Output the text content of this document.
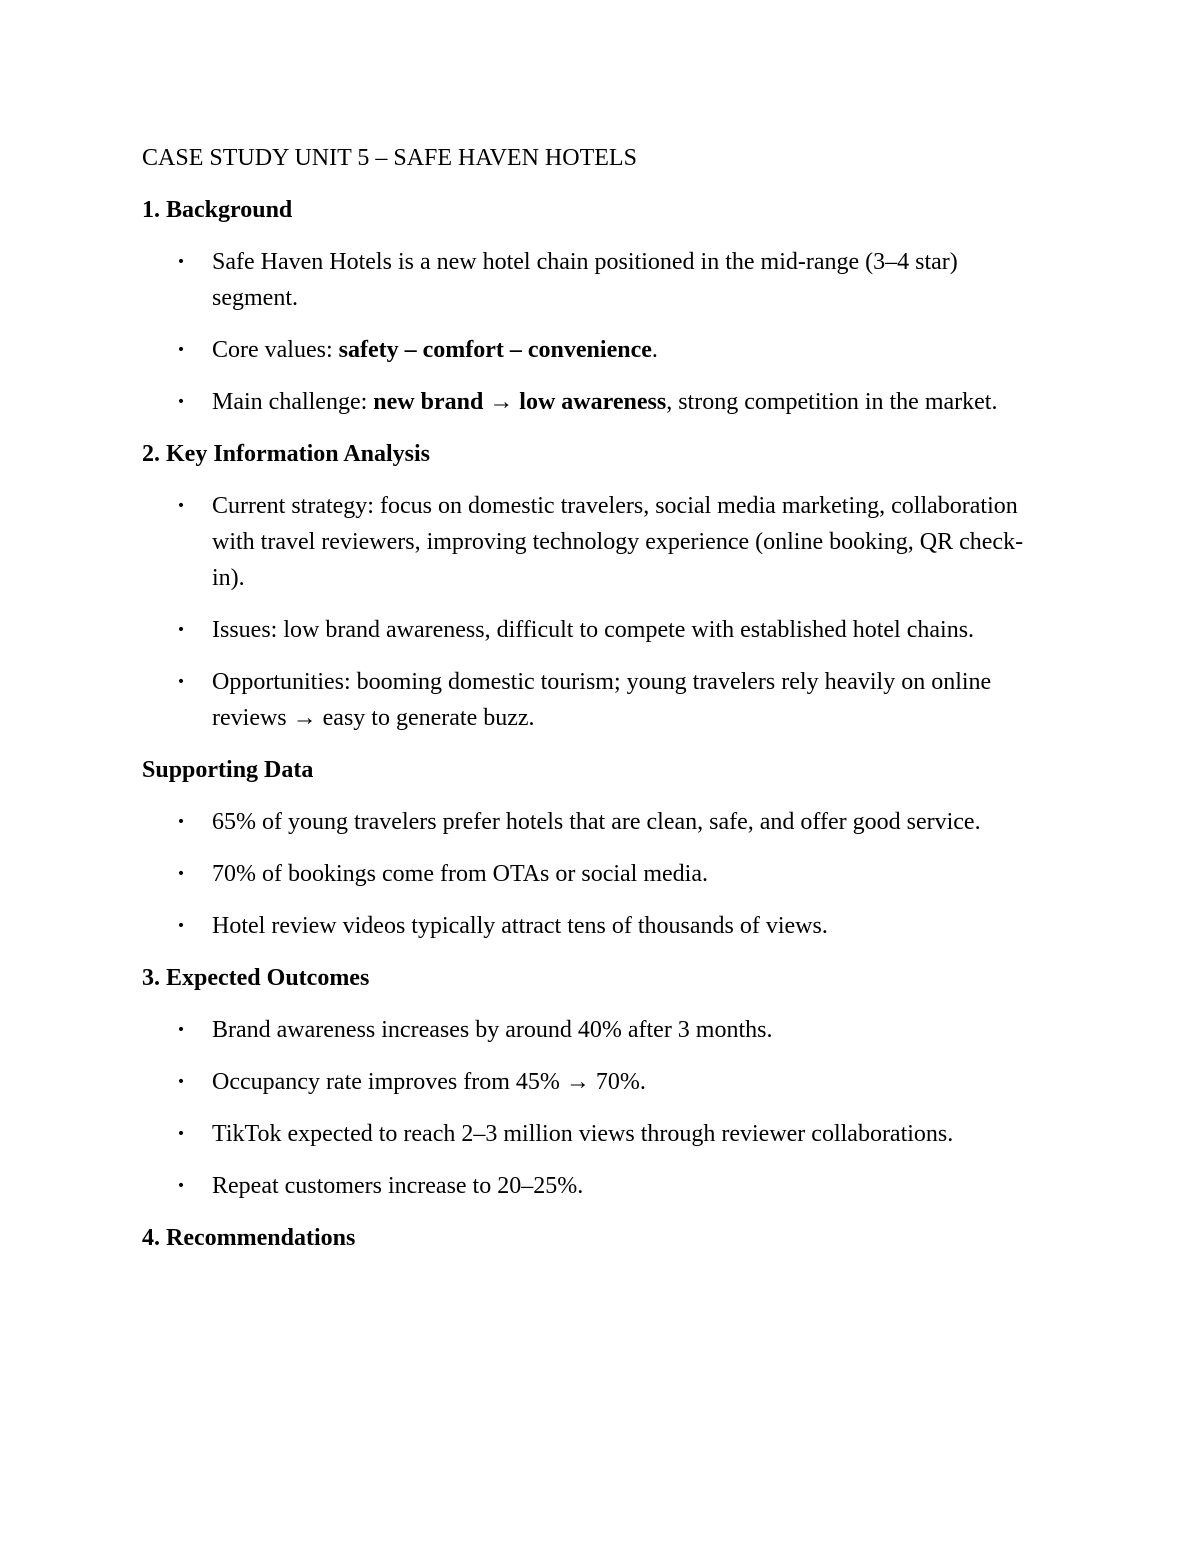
CASE STUDY UNIT 5 – SAFE HAVEN HOTELS

1. Background

• Safe Haven Hotels is a new hotel chain positioned in the mid-range (3–4 star) segment.
• Core values: safety – comfort – convenience.
• Main challenge: new brand → low awareness, strong competition in the market.

2. Key Information Analysis

• Current strategy: focus on domestic travelers, social media marketing, collaboration with travel reviewers, improving technology experience (online booking, QR check-in).
• Issues: low brand awareness, difficult to compete with established hotel chains.
• Opportunities: booming domestic tourism; young travelers rely heavily on online reviews → easy to generate buzz.

Supporting Data

• 65% of young travelers prefer hotels that are clean, safe, and offer good service.
• 70% of bookings come from OTAs or social media.
• Hotel review videos typically attract tens of thousands of views.

3. Expected Outcomes

• Brand awareness increases by around 40% after 3 months.
• Occupancy rate improves from 45% → 70%.
• TikTok expected to reach 2–3 million views through reviewer collaborations.
• Repeat customers increase to 20–25%.

4. Recommendations
